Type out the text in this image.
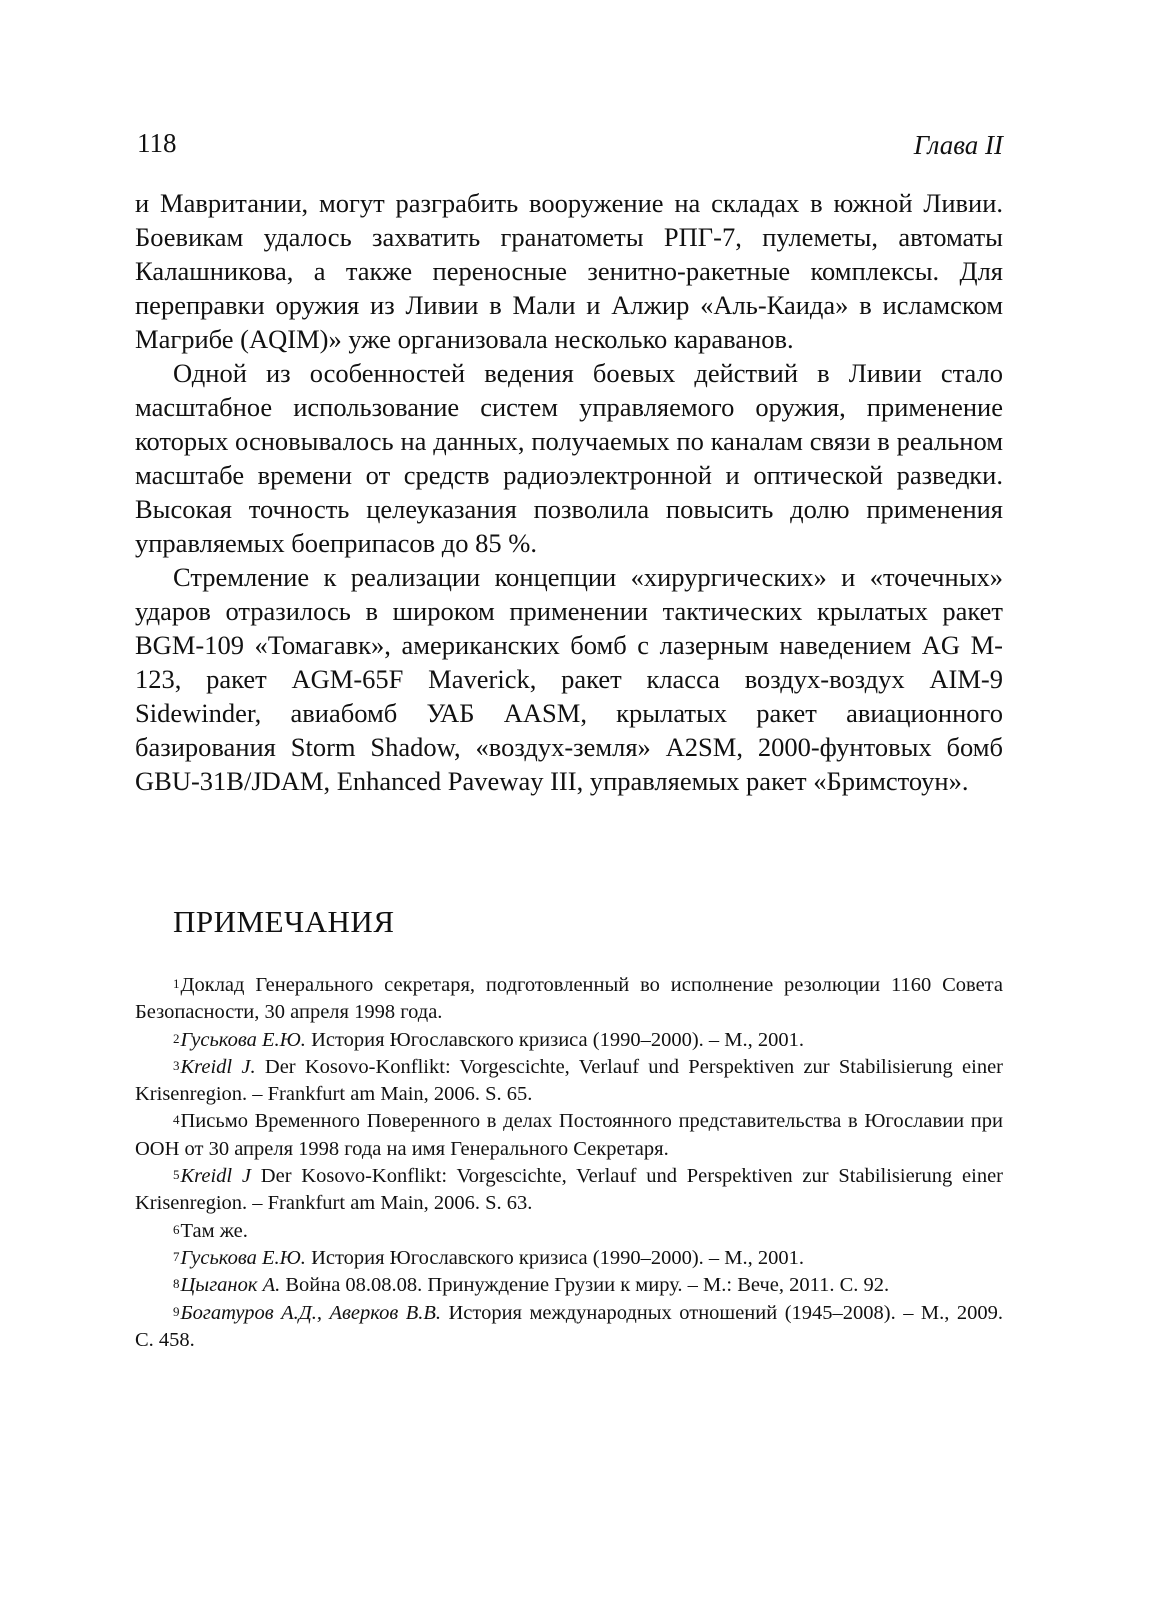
118	Глава II

и Мавритании, могут разграбить вооружение на складах в южной Ливии. Боевикам удалось захватить гранатометы РПГ-7, пулеметы, автоматы Калашникова, а также переносные зенитно-ракетные комплексы. Для переправки оружия из Ливии в Мали и Алжир «Аль-Каида» в исламском Магрибе (AQIM)» уже организовала несколько караванов.

Одной из особенностей ведения боевых действий в Ливии стало масштабное использование систем управляемого оружия, применение которых основывалось на данных, получаемых по каналам связи в реальном масштабе времени от средств радиоэлектронной и оптической разведки. Высокая точность целеуказания позволила повысить долю применения управляемых боеприпасов до 85 %.

Стремление к реализации концепции «хирургических» и «точечных» ударов отразилось в широком применении тактических крылатых ракет BGM-109 «Томагавк», американских бомб с лазерным наведением AG M-123, ракет AGM-65F Maverick, ракет класса воздух-воздух AIM-9 Sidewinder, авиабомб УАБ AASM, крылатых ракет авиационного базирования Storm Shadow, «воздух-земля» A2SM, 2000-фунтовых бомб GBU-31B/JDAM, Enhanced Paveway III, управляемых ракет «Бримстоун».

ПРИМЕЧАНИЯ

$^1$Доклад Генерального секретаря, подготовленный во исполнение резолюции 1160 Совета Безопасности, 30 апреля 1998 года.

$^2$Гуськова Е.Ю. История Югославского кризиса (1990–2000). – М., 2001.

$^3$Kreidl J. Der Kosovo-Konflikt: Vorgescichte, Verlauf und Perspektiven zur Stabilisierung einer Krisenregion. – Frankfurt am Main, 2006. S. 65.

$^4$Письмо Временного Поверенного в делах Постоянного представительства в Югославии при ООН от 30 апреля 1998 года на имя Генерального Секретаря.

$^5$Kreidl J Der Kosovo-Konflikt: Vorgescichte, Verlauf und Perspektiven zur Stabilisierung einer Krisenregion. – Frankfurt am Main, 2006. S. 63.

$^6$Там же.

$^7$Гуськова Е.Ю. История Югославского кризиса (1990–2000). – М., 2001.

$^8$Цыганок А. Война 08.08.08. Принуждение Грузии к миру. – М.: Вече, 2011. С. 92.

$^9$Богатуров А.Д., Аверков В.В. История международных отношений (1945–2008). – М., 2009. С. 458.
